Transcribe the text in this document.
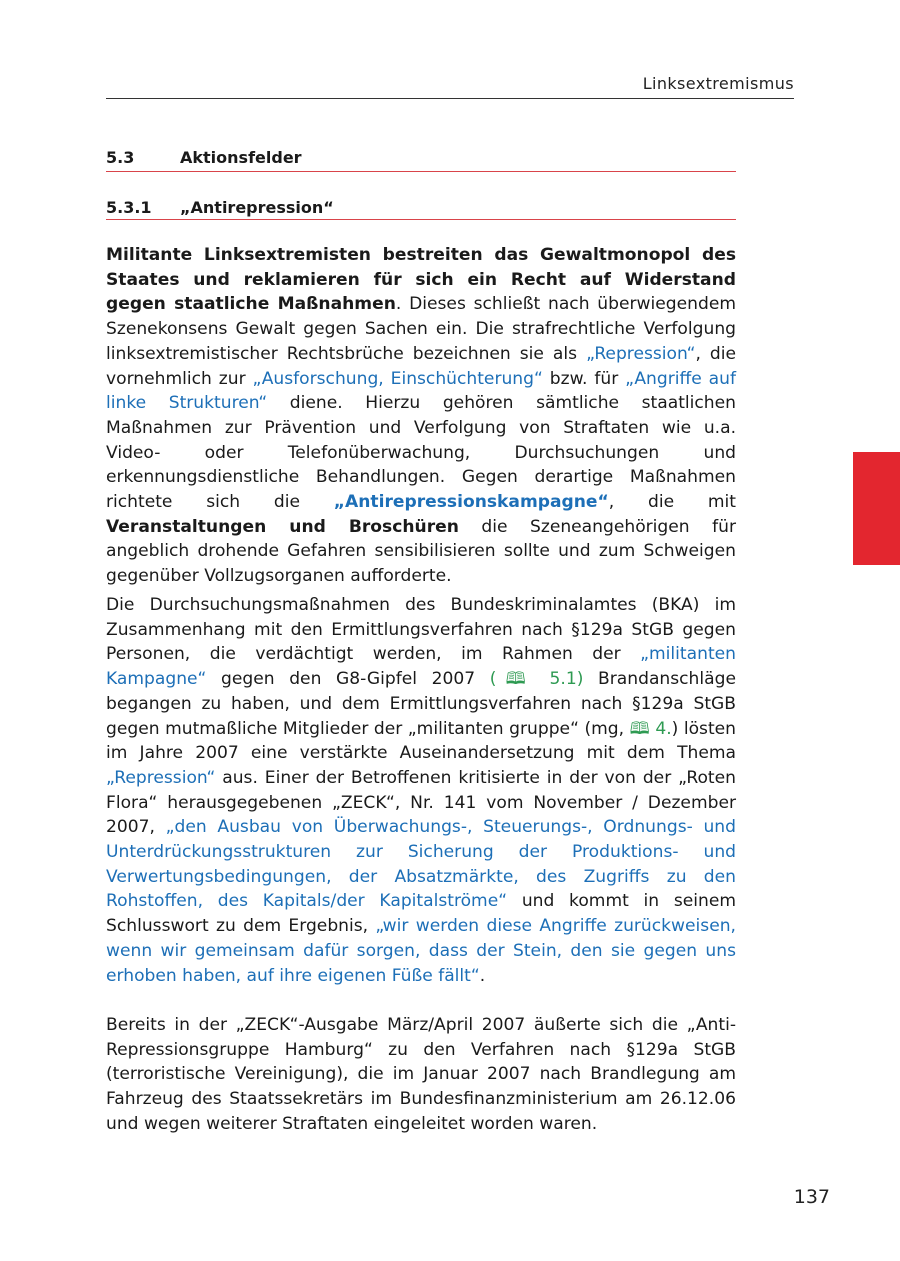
Linksextremismus
5.3	Aktionsfelder
5.3.1 „Antirepression“

Militante Linksextremisten bestreiten das Gewaltmonopol des Staates und reklamieren für sich ein Recht auf Widerstand gegen staatliche Maßnahmen. Dieses schließt nach überwiegendem Szenekonsens Gewalt gegen Sachen ein. Die strafrechtliche Verfolgung linksextremistischer Rechtsbrüche bezeichnen sie als „Repression“, die vornehmlich zur „Ausforschung, Einschüchterung“ bzw. für „Angriffe auf linke Strukturen“ diene. Hierzu gehören sämtliche staatlichen Maßnahmen zur Prävention und Verfolgung von Straftaten wie u.a. Video- oder Telefonüberwachung, Durchsuchungen und erkennungsdienstliche Behandlungen. Gegen derartige Maßnahmen richtete sich die „Antirepressionskampagne“, die mit Veranstaltungen und Broschüren die Szeneangehörigen für angeblich drohende Gefahren sensibilisieren sollte und zum Schweigen gegenüber Vollzugsorganen aufforderte.

Die Durchsuchungsmaßnahmen des Bundeskriminalamtes (BKA) im Zusammenhang mit den Ermittlungsverfahren nach §129a StGB gegen Personen, die verdächtigt werden, im Rahmen der „militanten Kampagne“ gegen den G8-Gipfel 2007 (🕮 5.1) Brandanschläge begangen zu haben, und dem Ermittlungsverfahren nach §129a StGB gegen mutmaßliche Mitglieder der „militanten gruppe“ (mg, 🕮 4.) lösten im Jahre 2007 eine verstärkte Auseinandersetzung mit dem Thema „Repression“ aus. Einer der Betroffenen kritisierte in der von der „Roten Flora“ herausgegebenen „ZECK“, Nr. 141 vom November / Dezember 2007, „den Ausbau von Überwachungs-, Steuerungs-, Ordnungs- und Unterdrückungsstrukturen zur Sicherung der Produktions- und Verwertungsbedingungen, der Absatzmärkte, des Zugriffs zu den Rohstoffen, des Kapitals/der Kapitalströme“ und kommt in seinem Schlusswort zu dem Ergebnis, „wir werden diese Angriffe zurückweisen, wenn wir gemeinsam dafür sorgen, dass der Stein, den sie gegen uns erhoben haben, auf ihre eigenen Füße fällt“.

Bereits in der „ZECK“-Ausgabe März/April 2007 äußerte sich die „Anti-Repressionsgruppe Hamburg“ zu den Verfahren nach §129a StGB (terroristische Vereinigung), die im Januar 2007 nach Brandlegung am Fahrzeug des Staatssekretärs im Bundesfinanzministerium am 26.12.06 und wegen weiterer Straftaten eingeleitet worden waren.

137
